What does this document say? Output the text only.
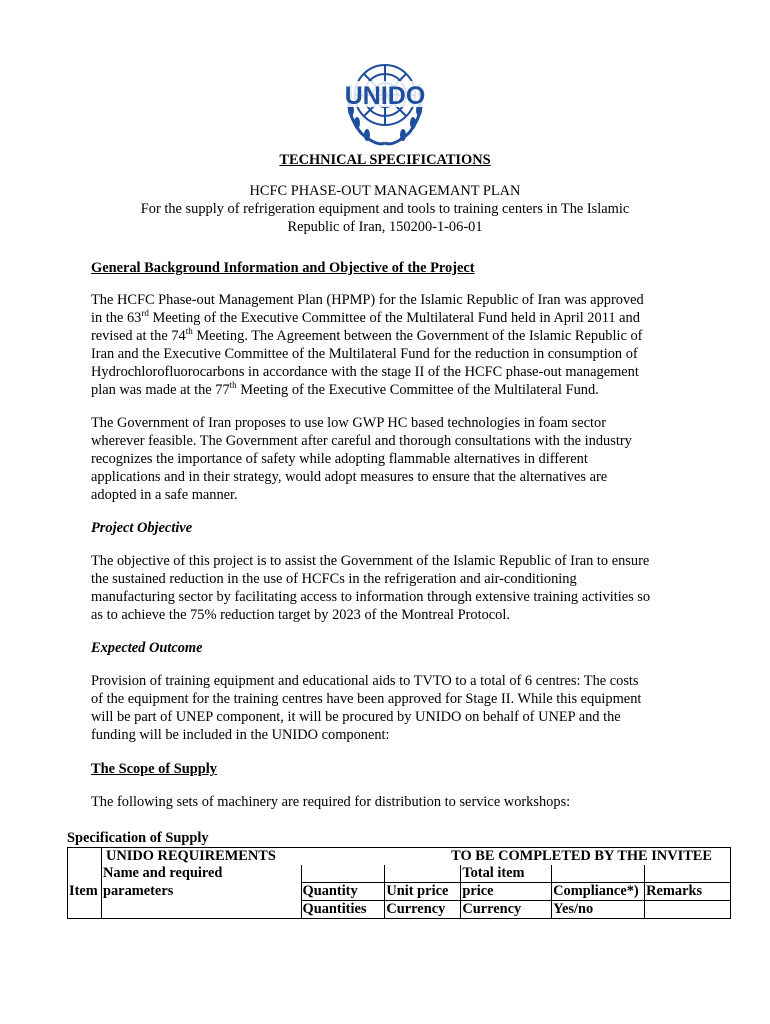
UNIDO
TECHNICAL SPECIFICATIONS
HCFC PHASE-OUT MANAGEMANT PLAN
For the supply of refrigeration equipment and tools to training centers in The Islamic
Republic of Iran, 150200-1-06-01
General Background Information and Objective of the Project
The HCFC Phase-out Management Plan (HPMP) for the Islamic Republic of Iran was approved
in the 63rd Meeting of the Executive Committee of the Multilateral Fund held in April 2011 and
revised at the 74th Meeting. The Agreement between the Government of the Islamic Republic of
Iran and the Executive Committee of the Multilateral Fund for the reduction in consumption of
Hydrochlorofluorocarbons in accordance with the stage II of the HCFC phase-out management
plan was made at the 77th Meeting of the Executive Committee of the Multilateral Fund.
The Government of Iran proposes to use low GWP HC based technologies in foam sector
wherever feasible. The Government after careful and thorough consultations with the industry
recognizes the importance of safety while adopting flammable alternatives in different
applications and in their strategy, would adopt measures to ensure that the alternatives are
adopted in a safe manner.
Project Objective
The objective of this project is to assist the Government of the Islamic Republic of Iran to ensure
the sustained reduction in the use of HCFCs in the refrigeration and air-conditioning
manufacturing sector by facilitating access to information through extensive training activities so
as to achieve the 75% reduction target by 2023 of the Montreal Protocol.
Expected Outcome
Provision of training equipment and educational aids to TVTO to a total of 6 centres: The costs
of the equipment for the training centres have been approved for Stage II. While this equipment
will be part of UNEP component, it will be procured by UNIDO on behalf of UNEP and the
funding will be included in the UNIDO component:
The Scope of Supply
The following sets of machinery are required for distribution to service workshops:
Specification of Supply
	UNIDO REQUIREMENTS		TO BE COMPLETED BY THE INVITEE			

	Name and required			Total item		

Item	parameters	Quantity	Unit price	price	Compliance*)	Remarks
		Quantities	Currency	Currency	Yes/no	
